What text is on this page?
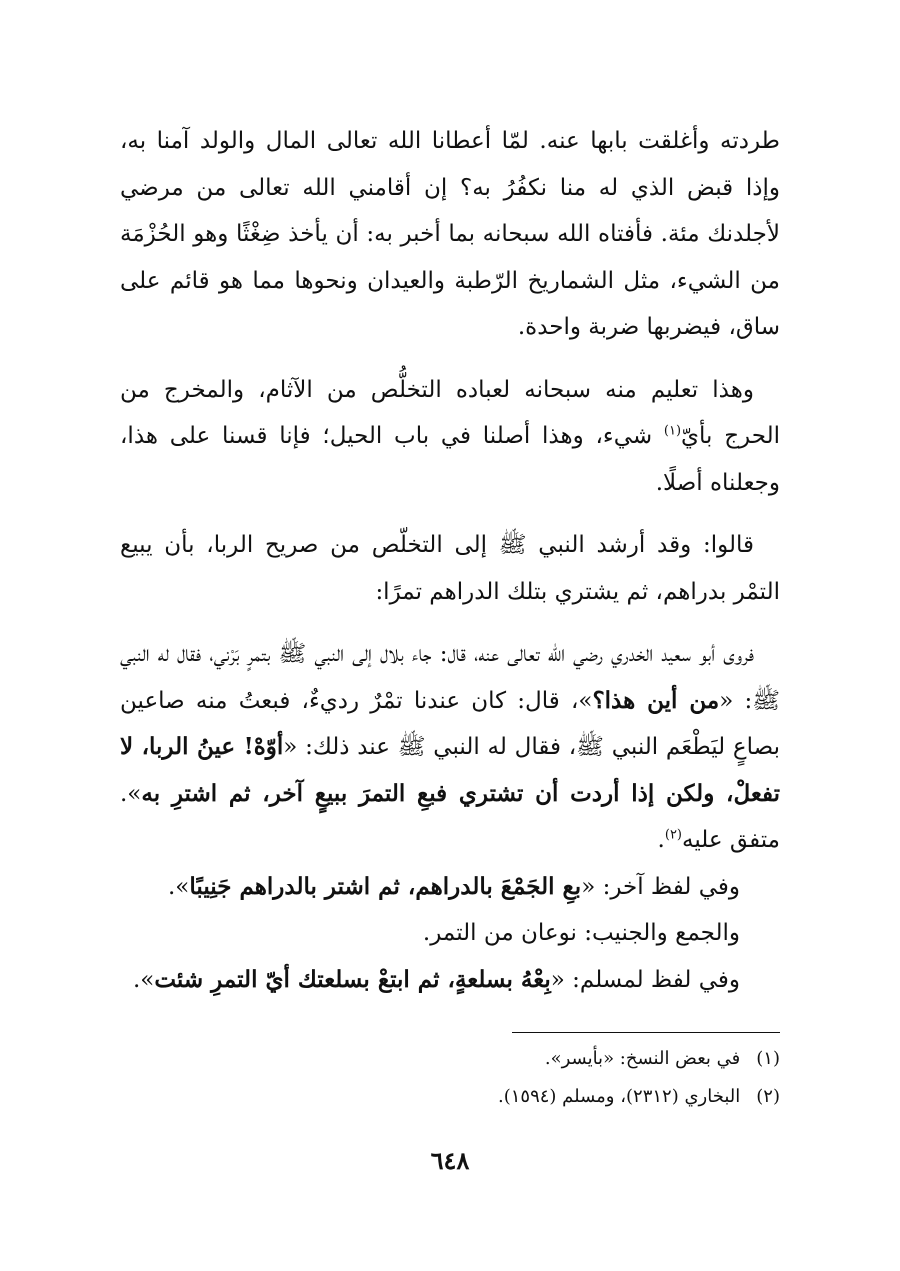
طردته وأغلقت بابها عنه. لمّا أعطانا الله تعالى المال والولد آمنا به، وإذا قبض الذي له منا نكفُرُ به؟ إن أقامني الله تعالى من مرضي لأجلدنك مئة. فأفتاه الله سبحانه بما أخبر به: أن يأخذ ضِغْثًا وهو الحُزْمَة من الشيء، مثل الشماريخ الرّطبة والعيدان ونحوها مما هو قائم على ساق، فيضربها ضربة واحدة.

وهذا تعليم منه سبحانه لعباده التخلُّص من الآثام، والمخرج من الحرج بأيّ$^{(١)}$ شيء، وهذا أصلنا في باب الحيل؛ فإنا قسنا على هذا، وجعلناه أصلًا.

قالوا: وقد أرشد النبي ﷺ إلى التخلّص من صريح الربا، بأن يبيع التمْر بدراهم، ثم يشتري بتلك الدراهم تمرًا:

فروى أبو سعيد الخدري رضي الله تعالى عنه، قال: جاء بلال إلى النبي ﷺ بتمرٍ بَرْني، فقال له النبي ﷺ: «من أين هذا؟»، قال: كان عندنا تمْرٌ رديءٌ، فبعتُ منه صاعين بصاعٍ ليَطْعَم النبي ﷺ، فقال له النبي ﷺ عند ذلك: «أوّهْ! عينُ الربا، لا تفعلْ، ولكن إذا أردت أن تشتري فبعِ التمرَ ببيعٍ آخر، ثم اشترِ به». متفق عليه$^{(٢)}$.

وفي لفظ آخر: «بعِ الجَمْعَ بالدراهم، ثم اشتر بالدراهم جَنِيبًا».

والجمع والجنيب: نوعان من التمر.

وفي لفظ لمسلم: «بِعْهُ بسلعةٍ، ثم ابتعْ بسلعتك أيّ التمرِ شئت».

(١) في بعض النسخ: «بأيسر».
(٢) البخاري (٢٣١٢)، ومسلم (١٥٩٤).
٦٤٨
